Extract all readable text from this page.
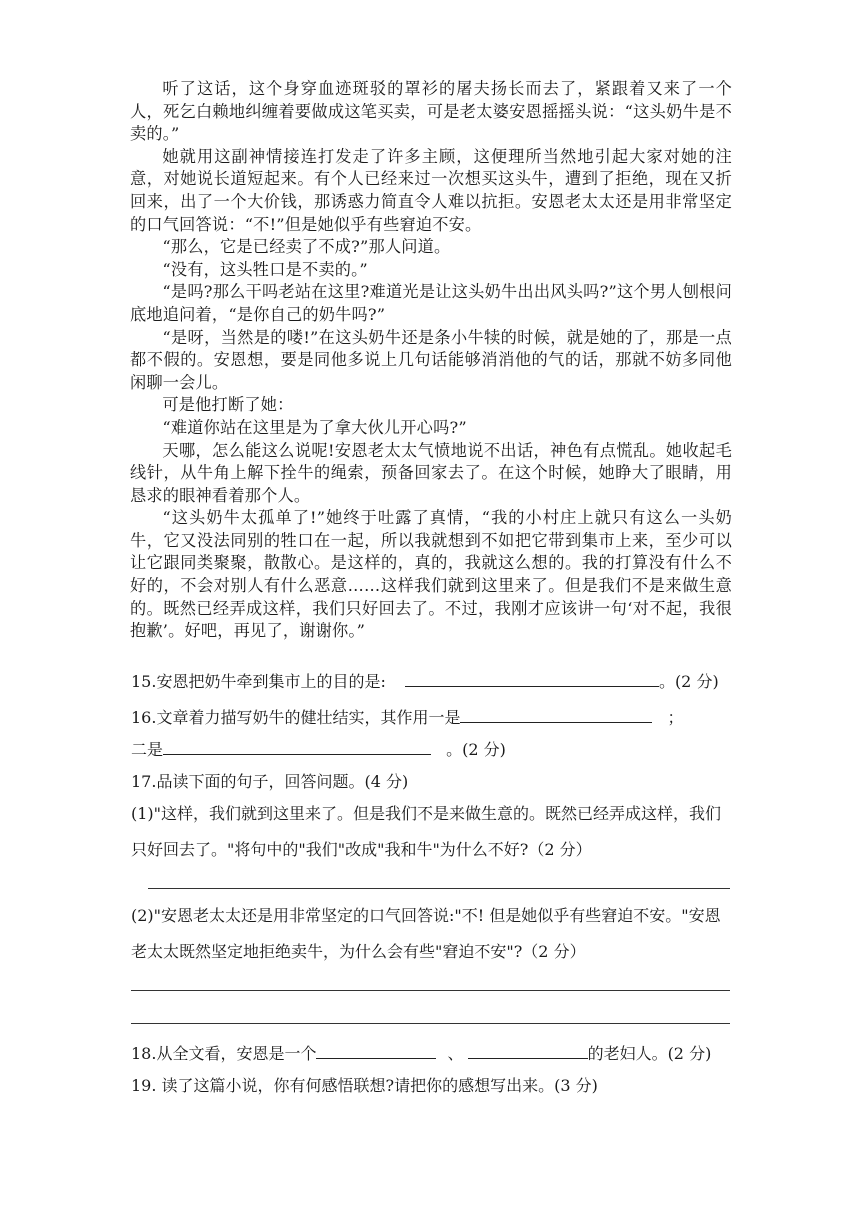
听了这话，这个身穿血迹斑驳的罩衫的屠夫扬长而去了，紧跟着又来了一个人，死乞白赖地纠缠着要做成这笔买卖，可是老太婆安恩摇摇头说：“这头奶牛是不卖的。”

她就用这副神情接连打发走了许多主顾，这便理所当然地引起大家对她的注意，对她说长道短起来。有个人已经来过一次想买这头牛，遭到了拒绝，现在又折回来，出了一个大价钱，那诱惑力简直令人难以抗拒。安恩老太太还是用非常坚定的口气回答说：“不!”但是她似乎有些窘迫不安。

“那么，它是已经卖了不成?”那人问道。

“没有，这头牲口是不卖的。”

“是吗?那么干吗老站在这里?难道光是让这头奶牛出出风头吗?”这个男人刨根问底地追问着，“是你自己的奶牛吗?”

“是呀，当然是的喽!”在这头奶牛还是条小牛犊的时候，就是她的了，那是一点都不假的。安恩想，要是同他多说上几句话能够消消他的气的话，那就不妨多同他闲聊一会儿。

可是他打断了她：

“难道你站在这里是为了拿大伙儿开心吗?”

天哪，怎么能这么说呢!安恩老太太气愤地说不出话，神色有点慌乱。她收起毛线针，从牛角上解下拴牛的绳索，预备回家去了。在这个时候，她睁大了眼睛，用恳求的眼神看着那个人。

“这头奶牛太孤单了!”她终于吐露了真情，“我的小村庄上就只有这么一头奶牛，它又没法同别的牲口在一起，所以我就想到不如把它带到集市上来，至少可以让它跟同类聚聚，散散心。是这样的，真的，我就这么想的。我的打算没有什么不好的，不会对别人有什么恶意……这样我们就到这里来了。但是我们不是来做生意的。既然已经弄成这样，我们只好回去了。不过，我刚才应该讲一句‘对不起，我很抱歉’。好吧，再见了，谢谢你。”

15.安恩把奶牛牵到集市上的目的是:	。(2 分)
16.文章着力描写奶牛的健壮结实，其作用一是	；
二是	。(2 分)
17.品读下面的句子，回答问题。(4 分)
(1)"这样，我们就到这里来了。但是我们不是来做生意的。既然已经弄成这样，我们只好回去了。"将句中的"我们"改成"我和牛"为什么不好?（2 分）
(2)"安恩老太太还是用非常坚定的口气回答说:"不! 但是她似乎有些窘迫不安。"安恩老太太既然坚定地拒绝卖牛，为什么会有些"窘迫不安"?（2 分）
18.从全文看，安恩是一个	、	的老妇人。(2 分)
19. 读了这篇小说，你有何感悟联想?请把你的感想写出来。(3 分)
